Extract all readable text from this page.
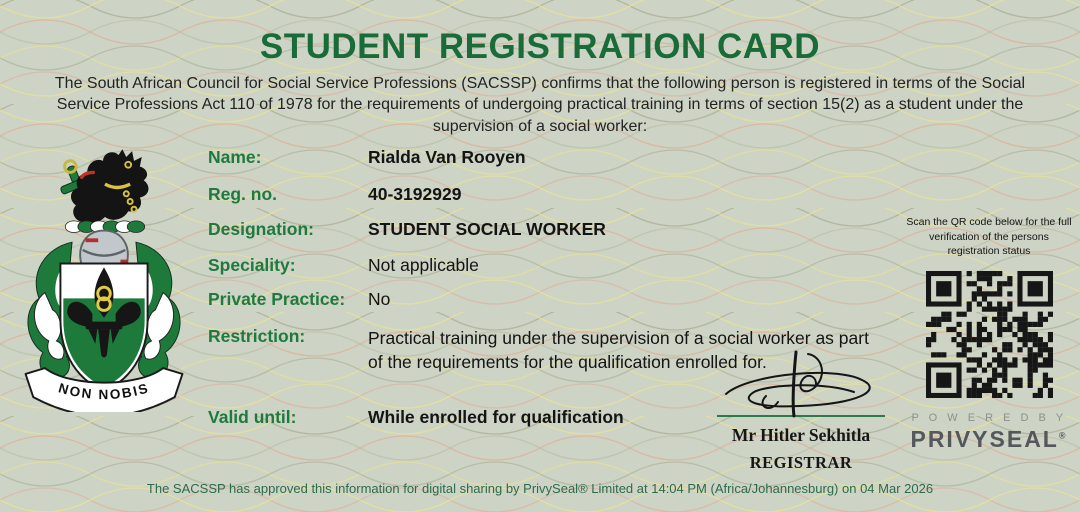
STUDENT REGISTRATION CARD
The South African Council for Social Service Professions (SACSSP) confirms that the following person is registered in terms of the Social Service Professions Act 110 of 1978 for the requirements of undergoing practical training in terms of section 15(2) as a student under the supervision of a social worker:
NON NOBIS
Name:	Rialda Van Rooyen
Reg. no.	40-3192929
Designation:	STUDENT SOCIAL WORKER
Speciality:	Not applicable
Private Practice:	No
Restriction:	Practical training under the supervision of a social worker as part of the requirements for the qualification enrolled for.
Valid until:	While enrolled for qualification
Mr Hitler Sekhitla
REGISTRAR
Scan the QR code below for the full verification of the persons registration status
P O W E R E D B Y
PRIVYSEAL®
The SACSSP has approved this information for digital sharing by PrivySeal® Limited at 14:04 PM (Africa/Johannesburg) on 04 Mar 2026
